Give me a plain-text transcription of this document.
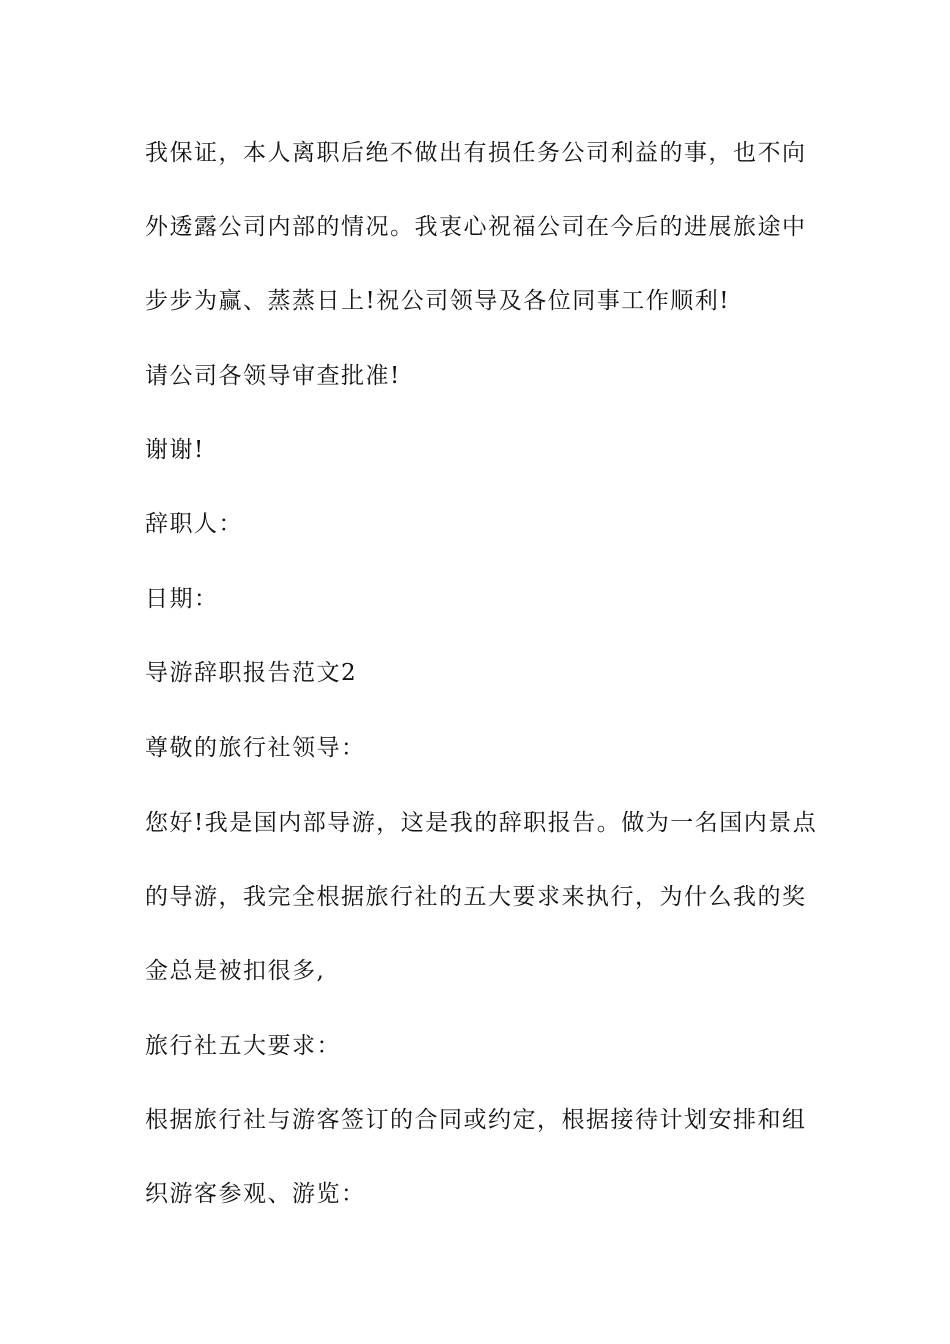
我保证，本人离职后绝不做出有损任务公司利益的事，也不向
外透露公司内部的情况。我衷心祝福公司在今后的进展旅途中
步步为赢、蒸蒸日上!祝公司领导及各位同事工作顺利!
请公司各领导审查批准!
谢谢!
辞职人：
日期：
导游辞职报告范文2
尊敬的旅行社领导：
您好!我是国内部导游，这是我的辞职报告。做为一名国内景点
的导游，我完全根据旅行社的五大要求来执行，为什么我的奖
金总是被扣很多,
旅行社五大要求：
根据旅行社与游客签订的合同或约定，根据接待计划安排和组
织游客参观、游览：
